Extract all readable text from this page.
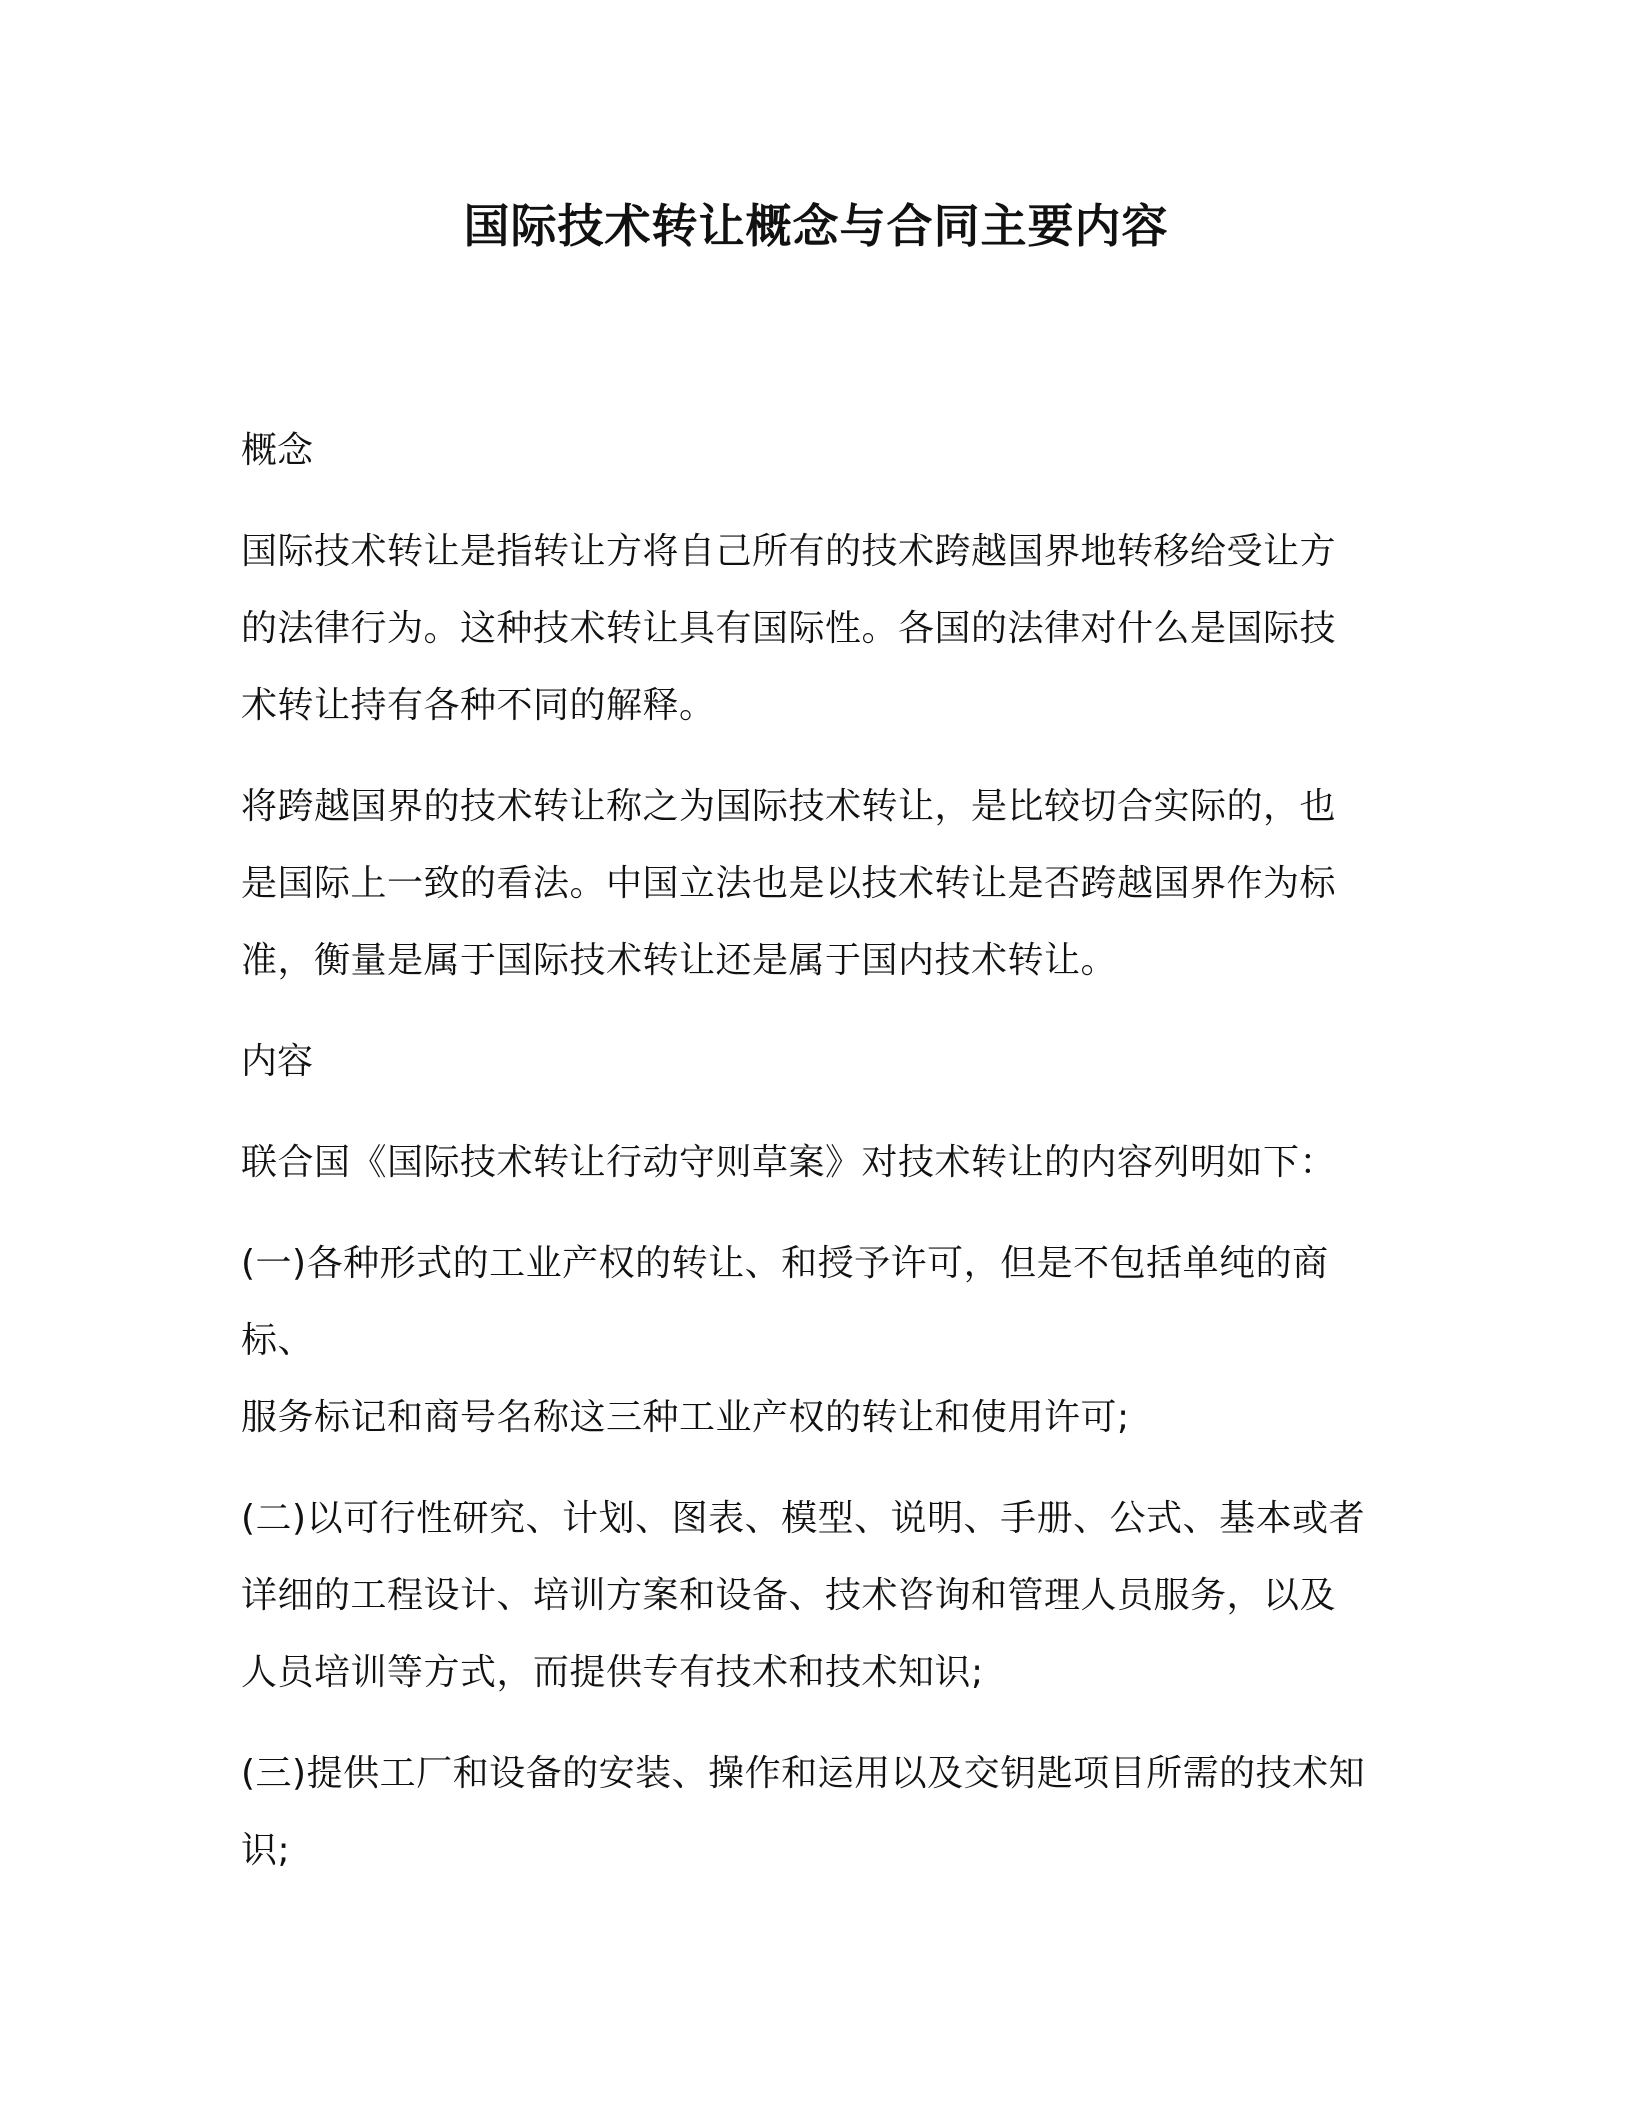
国际技术转让概念与合同主要内容

概念

国际技术转让是指转让方将自己所有的技术跨越国界地转移给受让方
的法律行为。这种技术转让具有国际性。各国的法律对什么是国际技
术转让持有各种不同的解释。

将跨越国界的技术转让称之为国际技术转让，是比较切合实际的，也
是国际上一致的看法。中国立法也是以技术转让是否跨越国界作为标
准，衡量是属于国际技术转让还是属于国内技术转让。

内容

联合国《国际技术转让行动守则草案》对技术转让的内容列明如下：

(一)各种形式的工业产权的转让、和授予许可，但是不包括单纯的商标、
服务标记和商号名称这三种工业产权的转让和使用许可;

(二)以可行性研究、计划、图表、模型、说明、手册、公式、基本或者
详细的工程设计、培训方案和设备、技术咨询和管理人员服务，以及
人员培训等方式，而提供专有技术和技术知识;

(三)提供工厂和设备的安装、操作和运用以及交钥匙项目所需的技术知
识;
